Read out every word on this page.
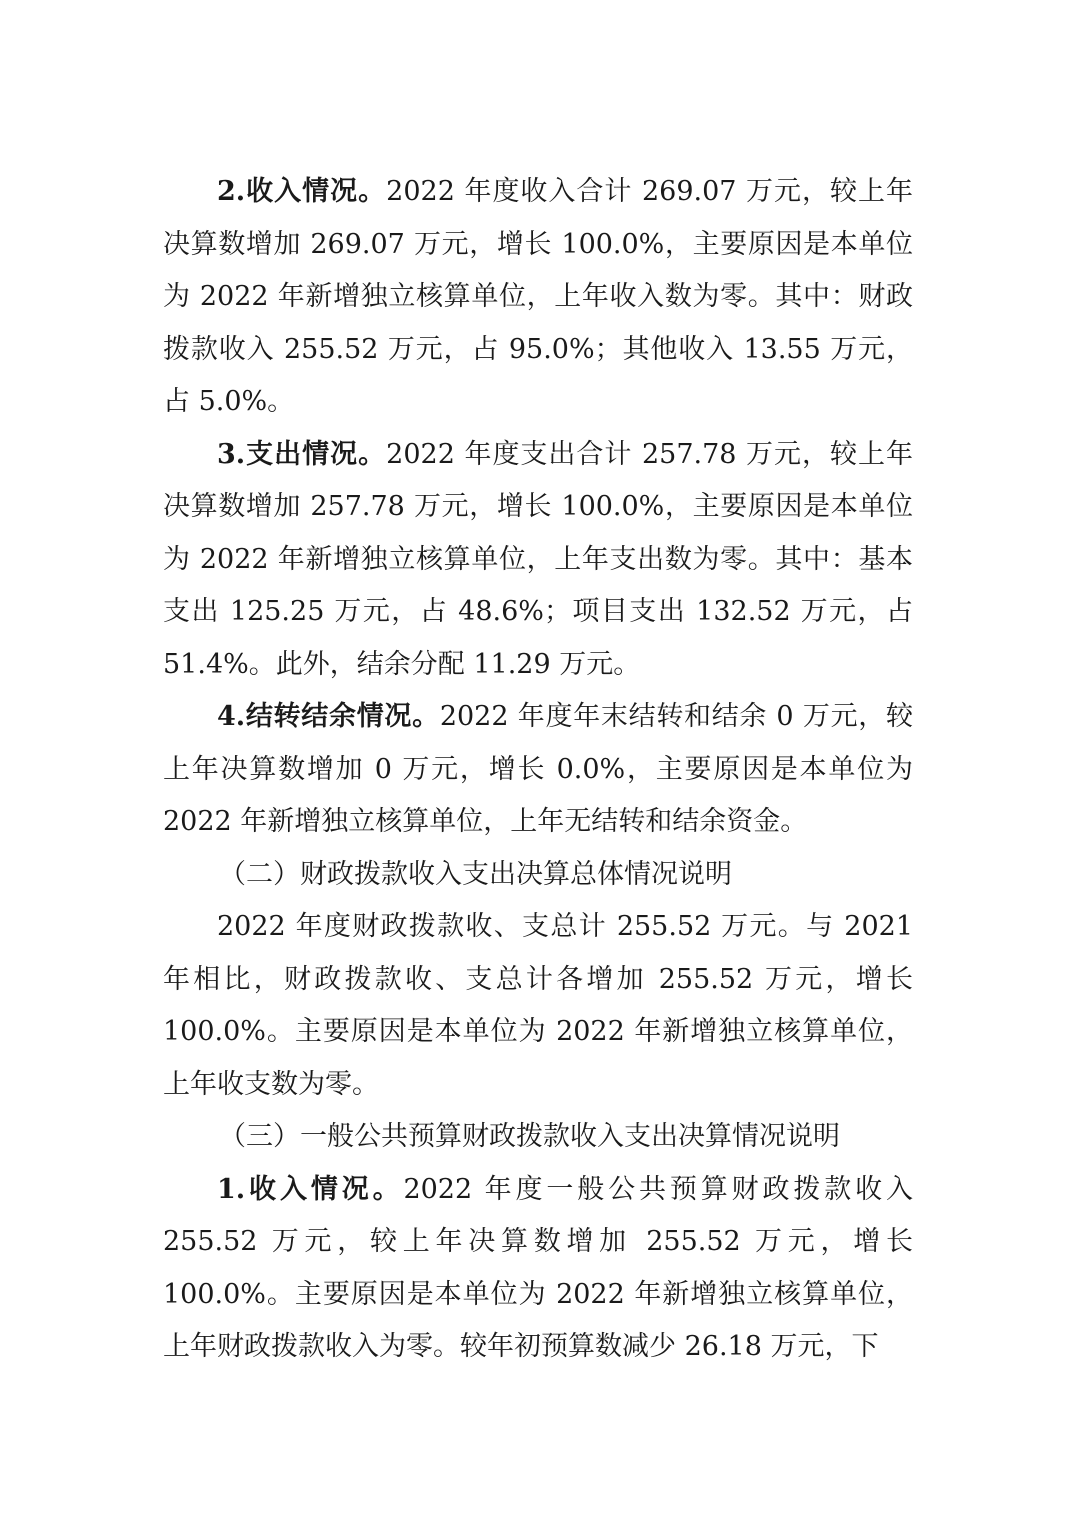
2.收入情况。2022 年度收入合计 269.07 万元，较上年决算数增加 269.07 万元，增长 100.0%，主要原因是本单位为 2022 年新增独立核算单位，上年收入数为零。其中：财政拨款收入 255.52 万元，占 95.0%；其他收入 13.55 万元，占 5.0%。

3.支出情况。2022 年度支出合计 257.78 万元，较上年决算数增加 257.78 万元，增长 100.0%，主要原因是本单位为 2022 年新增独立核算单位，上年支出数为零。其中：基本支出 125.25 万元，占 48.6%；项目支出 132.52 万元，占 51.4%。此外，结余分配 11.29 万元。

4.结转结余情况。2022 年度年末结转和结余 0 万元，较上年决算数增加 0 万元，增长 0.0%，主要原因是本单位为 2022 年新增独立核算单位，上年无结转和结余资金。

（二）财政拨款收入支出决算总体情况说明

2022 年度财政拨款收、支总计 255.52 万元。与 2021 年相比，财政拨款收、支总计各增加 255.52 万元，增长 100.0%。主要原因是本单位为 2022 年新增独立核算单位，上年收支数为零。

（三）一般公共预算财政拨款收入支出决算情况说明

1.收入情况。2022 年度一般公共预算财政拨款收入 255.52 万元，较上年决算数增加 255.52 万元，增长 100.0%。主要原因是本单位为 2022 年新增独立核算单位，上年财政拨款收入为零。较年初预算数减少 26.18 万元，下
